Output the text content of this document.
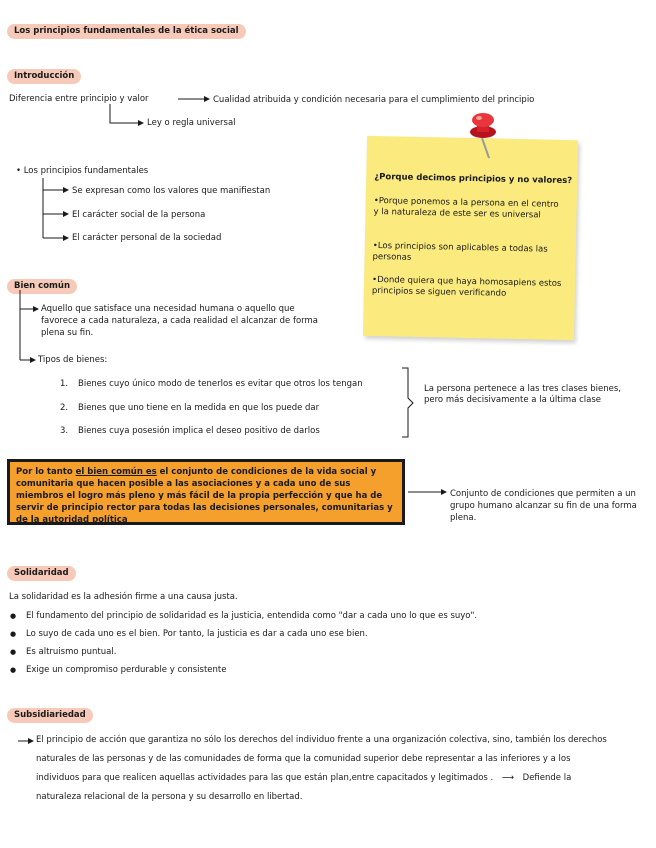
Los principios fundamentales de la ética social
Introducción
Diferencia entre principio y valor	Cualidad atribuida y condición necesaria para el cumplimiento del principio
Ley o regla universal
• Los principios fundamentales
Se expresan como los valores que manifiestan
El carácter social de la persona
El carácter personal de la sociedad
¿Porque decimos principios y no valores?
•Porque ponemos a la persona en el centro y la naturaleza de este ser es universal
•Los principios son aplicables a todas las personas
•Donde quiera que haya homosapiens estos principios se siguen verificando
Bien común
Aquello que satisface una necesidad humana o aquello que favorece a cada naturaleza, a cada realidad el alcanzar de forma plena su fin.
Tipos de bienes:
1. Bienes cuyo único modo de tenerlos es evitar que otros los tengan
2. Bienes que uno tiene en la medida en que los puede dar
3. Bienes cuya posesión implica el deseo positivo de darlos
La persona pertenece a las tres clases bienes, pero más decisivamente a la última clase
Por lo tanto el bien común es el conjunto de condiciones de la vida social y comunitaria que hacen posible a las asociaciones y a cada uno de sus miembros el logro más pleno y más fácil de la propia perfección y que ha de servir de principio rector para todas las decisiones personales, comunitarias y de la autoridad política
Conjunto de condiciones que permiten a un grupo humano alcanzar su fin de una forma plena.
Solidaridad
La solidaridad es la adhesión firme a una causa justa.
● El fundamento del principio de solidaridad es la justicia, entendida como "dar a cada uno lo que es suyo".
● Lo suyo de cada uno es el bien. Por tanto, la justicia es dar a cada uno ese bien.
● Es altruismo puntual.
● Exige un compromiso perdurable y consistente
Subsidiariedad
El principio de acción que garantiza no sólo los derechos del individuo frente a una organización colectiva, sino, también los derechos naturales de las personas y de las comunidades de forma que la comunidad superior debe representar a las inferiores y a los individuos para que realicen aquellas actividades para las que están plan,entre capacitados y legitimados . ⟶ Defiende la naturaleza relacional de la persona y su desarrollo en libertad.
